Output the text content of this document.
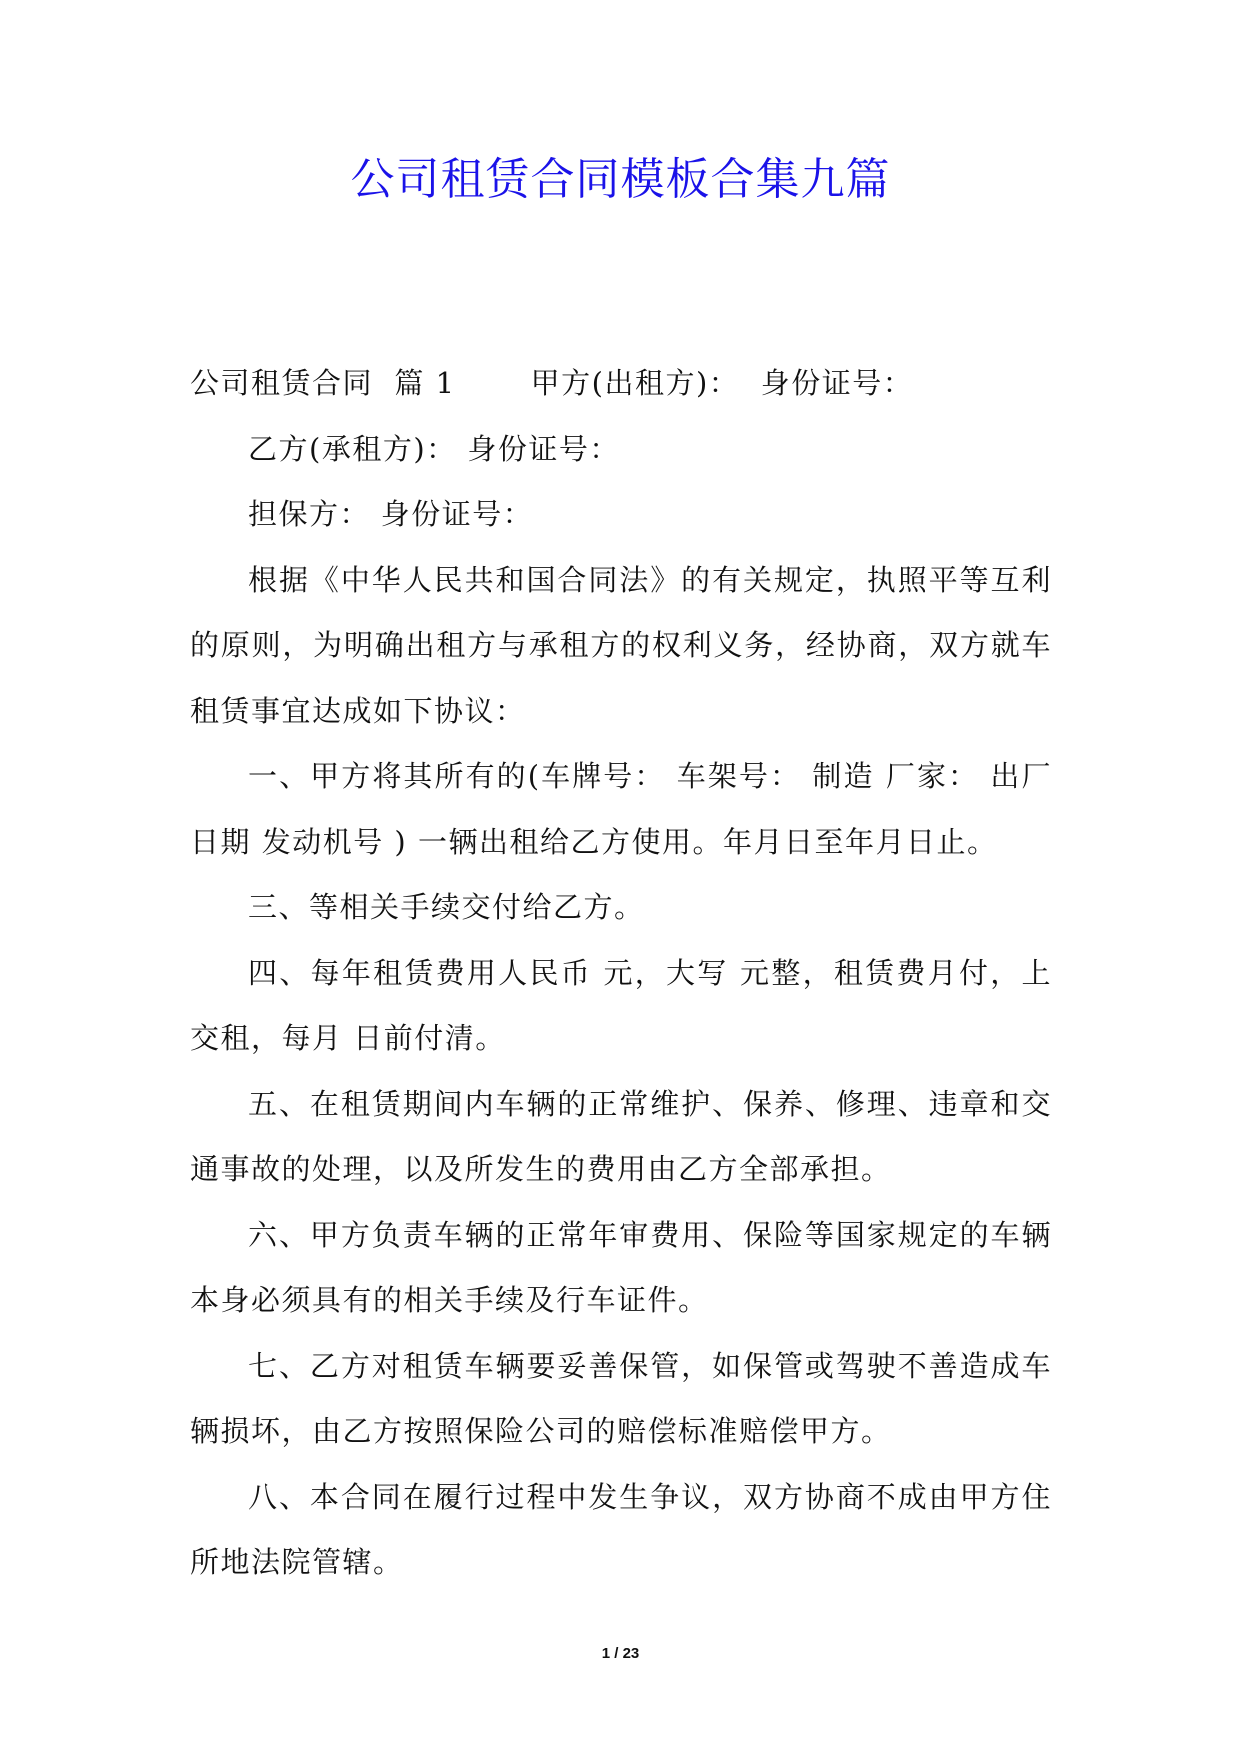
公司租赁合同模板合集九篇

公司租赁合同  篇 1       甲方(出租方)：  身份证号：

乙方(承租方)： 身份证号：

担保方： 身份证号：

根据《中华人民共和国合同法》的有关规定，执照平等互利的原则，为明确出租方与承租方的权利义务，经协商，双方就车租赁事宜达成如下协议：

一、甲方将其所有的(车牌号： 车架号： 制造 厂家： 出厂日期 发动机号 ) 一辆出租给乙方使用。年月日至年月日止。

三、等相关手续交付给乙方。

四、每年租赁费用人民币 元，大写 元整，租赁费月付，上交租，每月 日前付清。

五、在租赁期间内车辆的正常维护、保养、修理、违章和交通事故的处理，以及所发生的费用由乙方全部承担。

六、甲方负责车辆的正常年审费用、保险等国家规定的车辆本身必须具有的相关手续及行车证件。

七、乙方对租赁车辆要妥善保管，如保管或驾驶不善造成车辆损坏，由乙方按照保险公司的赔偿标准赔偿甲方。

八、本合同在履行过程中发生争议，双方协商不成由甲方住所地法院管辖。

1 / 23
